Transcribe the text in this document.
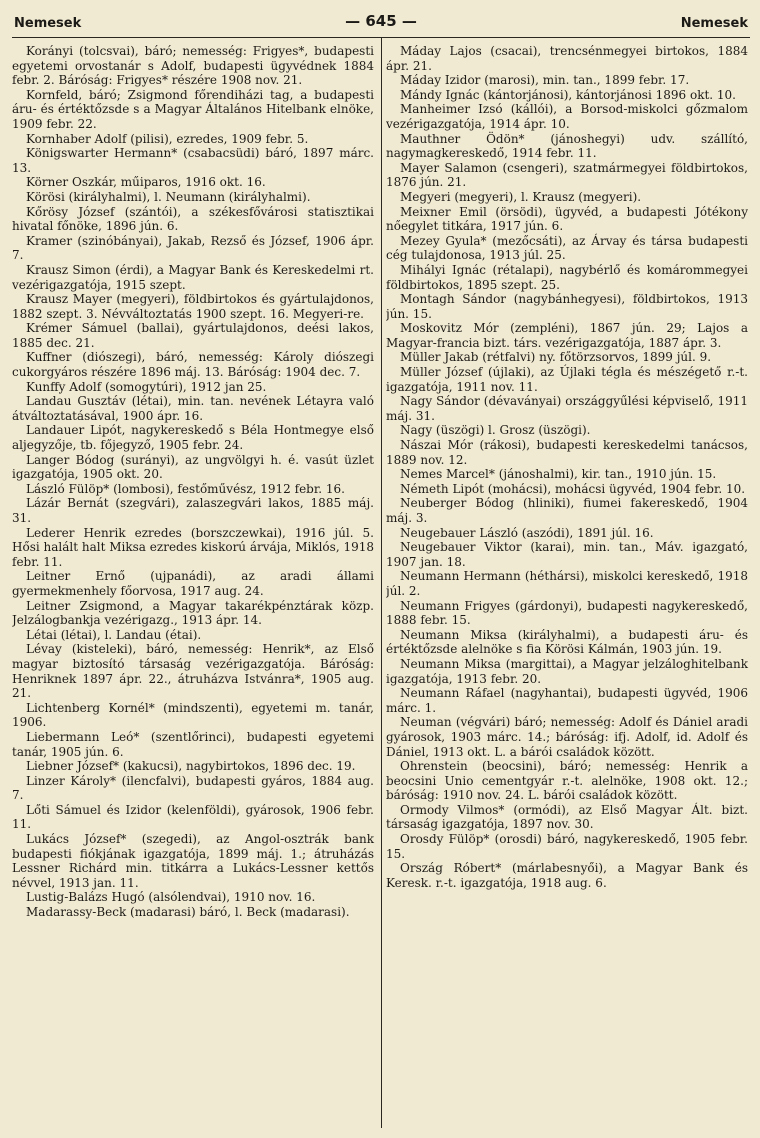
Nemesek	— 645 —	Nemesek

Korányi (tolcsvai), báró; nemesség: Frigyes*, budapesti egyetemi orvostanár s Adolf, budapesti ügyvédnek 1884 febr. 2. Báróság: Frigyes* részére 1908 nov. 21.

Kornfeld, báró; Zsigmond főrendiházi tag, a budapesti áru- és értéktőzsde s a Magyar Általános Hitelbank elnöke, 1909 febr. 22.

Kornhaber Adolf (pilisi), ezredes, 1909 febr. 5.

Königswarter Hermann* (csabacsüdi) báró, 1897 márc. 13.

Körner Oszkár, műiparos, 1916 okt. 16.

Körösi (királyhalmi), l. Neumann (királyhalmi).

Kőrösy József (szántói), a székesfővárosi statisztikai hivatal főnöke, 1896 jún. 6.

Kramer (szinóbányai), Jakab, Rezső és József, 1906 ápr. 7.

Krausz Simon (érdi), a Magyar Bank és Kereskedelmi rt. vezérigazgatója, 1915 szept.

Krausz Mayer (megyeri), földbirtokos és gyártulajdonos, 1882 szept. 3. Névváltoztatás 1900 szept. 16. Megyeri-re.

Krémer Sámuel (ballai), gyártulajdonos, deési lakos, 1885 dec. 21.

Kuffner (diószegi), báró, nemesség: Károly diószegi cukorgyáros részére 1896 máj. 13. Báróság: 1904 dec. 7.

Kunffy Adolf (somogytúri), 1912 jan 25.

Landau Gusztáv (létai), min. tan. nevének Létayra való átváltoztatásával, 1900 ápr. 16.

Landauer Lipót, nagykereskedő s Béla Hontmegye első aljegyzője, tb. főjegyző, 1905 febr. 24.

Langer Bódog (surányi), az ungvölgyi h. é. vasút üzlet igazgatója, 1905 okt. 20.

László Fülöp* (lombosi), festőművész, 1912 febr. 16.

Lázár Bernát (szegvári), zalaszegvári lakos, 1885 máj. 31.

Lederer Henrik ezredes (borszczewkai), 1916 júl. 5. Hősi halált halt Miksa ezredes kiskorú árvája, Miklós, 1918 febr. 11.

Leitner Ernő (ujpanádi), az aradi állami gyermekmenhely főorvosa, 1917 aug. 24.

Leitner Zsigmond, a Magyar takarékpénztárak közp. Jelzálogbankja vezérigazg., 1913 ápr. 14.

Létai (létai), l. Landau (étai).

Lévay (kisteleki), báró, nemesség: Henrik*, az Első magyar biztosító társaság vezérigazgatója. Báróság: Henriknek 1897 ápr. 22., átruházva Istvánra*, 1905 aug. 21.

Lichtenberg Kornél* (mindszenti), egyetemi m. tanár, 1906.

Liebermann Leó* (szentlőrinci), budapesti egyetemi tanár, 1905 jún. 6.

Liebner József* (kakucsi), nagybirtokos, 1896 dec. 19.

Linzer Károly* (ilencfalvi), budapesti gyáros, 1884 aug. 7.

Lőti Sámuel és Izidor (kelenföldi), gyárosok, 1906 febr. 11.

Lukács József* (szegedi), az Angol-osztrák bank budapesti fiókjának igazgatója, 1899 máj. 1.; átruházás Lessner Richárd min. titkárra a Lukács-Lessner kettős névvel, 1913 jan. 11.

Lustig-Balázs Hugó (alsólendvai), 1910 nov. 16.

Madarassy-Beck (madarasi) báró, l. Beck (madarasi).

Máday Lajos (csacai), trencsénmegyei birtokos, 1884 ápr. 21.

Máday Izidor (marosi), min. tan., 1899 febr. 17.

Mándy Ignác (kántorjánosi), kántorjánosi 1896 okt. 10.

Manheimer Izsó (kállói), a Borsod-miskolci gőzmalom vezérigazgatója, 1914 ápr. 10.

Mauthner Ödön* (jánoshegyi) udv. szállító, nagymagkereskedő, 1914 febr. 11.

Mayer Salamon (csengeri), szatmármegyei földbirtokos, 1876 jún. 21.

Megyeri (megyeri), l. Krausz (megyeri).

Meixner Emil (örsödi), ügyvéd, a budapesti Jótékony nőegylet titkára, 1917 jún. 6.

Mezey Gyula* (mezőcsáti), az Árvay és társa budapesti cég tulajdonosa, 1913 júl. 25.

Mihályi Ignác (rétalapi), nagybérlő és komárommegyei földbirtokos, 1895 szept. 25.

Montagh Sándor (nagybánhegyesi), földbirtokos, 1913 jún. 15.

Moskovitz Mór (zempléni), 1867 jún. 29; Lajos a Magyar-francia bizt. társ. vezérigazgatója, 1887 ápr. 3.

Müller Jakab (rétfalvi) ny. főtörzsorvos, 1899 júl. 9.

Müller József (újlaki), az Újlaki tégla és mészégető r.-t. igazgatója, 1911 nov. 11.

Nagy Sándor (dévaványai) országgyűlési képviselő, 1911 máj. 31.

Nagy (üszögi) l. Grosz (üszögi).

Nászai Mór (rákosi), budapesti kereskedelmi tanácsos, 1889 nov. 12.

Nemes Marcel* (jánoshalmi), kir. tan., 1910 jún. 15.

Németh Lipót (mohácsi), mohácsi ügyvéd, 1904 febr. 10.

Neuberger Bódog (hliniki), fiumei fakereskedő, 1904 máj. 3.

Neugebauer László (aszódi), 1891 júl. 16.

Neugebauer Viktor (karai), min. tan., Máv. igazgató, 1907 jan. 18.

Neumann Hermann (héthársi), miskolci kereskedő, 1918 júl. 2.

Neumann Frigyes (gárdonyi), budapesti nagykereskedő, 1888 febr. 15.

Neumann Miksa (királyhalmi), a budapesti áru- és értéktőzsde alelnöke s fia Körösi Kálmán, 1903 jún. 19.

Neumann Miksa (margittai), a Magyar jelzáloghitelbank igazgatója, 1913 febr. 20.

Neumann Ráfael (nagyhantai), budapesti ügyvéd, 1906 márc. 1.

Neuman (végvári) báró; nemesség: Adolf és Dániel aradi gyárosok, 1903 márc. 14.; báróság: ifj. Adolf, id. Adolf és Dániel, 1913 okt. L. a bárói családok között.

Ohrenstein (beocsini), báró; nemesség: Henrik a beocsini Unio cementgyár r.-t. alelnöke, 1908 okt. 12.; báróság: 1910 nov. 24. L. bárói családok között.

Ormody Vilmos* (ormódi), az Első Magyar Ált. bizt. társaság igazgatója, 1897 nov. 30.

Orosdy Fülöp* (orosdi) báró, nagykereskedő, 1905 febr. 15.

Ország Róbert* (márlabesnyői), a Magyar Bank és Keresk. r.-t. igazgatója, 1918 aug. 6.
